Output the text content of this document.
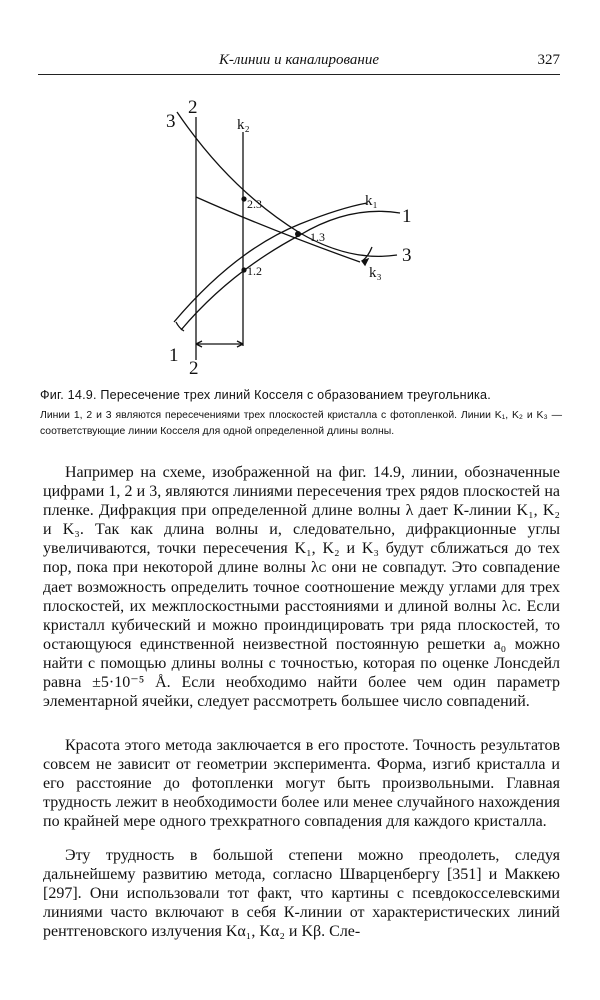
К-линии и каналирование	327
3
2
k₂
k₁
1
3
k₃
1
2
2.3
1.3
1.2
Фиг. 14.9. Пересечение трех линий Косселя с образованием треугольника.
Линии 1, 2 и 3 являются пересечениями трех плоскостей кристалла с фотопленкой. Линии K₁, K₂ и K₃ — соответствующие линии Косселя для одной определенной длины волны.

Например на схеме, изображенной на фиг. 14.9, линии, обозначенные цифрами 1, 2 и 3, являются линиями пересечения трех рядов плоскостей на пленке. Дифракция при определенной длине волны λ дает К-линии K₁, K₂ и K₃. Так как длина волны и, следовательно, дифракционные углы увеличиваются, точки пересечения K₁, K₂ и K₃ будут сближаться до тех пор, пока при некоторой длине волны λᴄ они не совпадут. Это совпадение дает возможность определить точное соотношение между углами для трех плоскостей, их межплоскостными расстояниями и длиной волны λᴄ. Если кристалл кубический и можно проиндицировать три ряда плоскостей, то остающуюся единственной неизвестной постоянную решетки a₀ можно найти с помощью длины волны с точностью, которая по оценке Лонсдейл равна ±5·10⁻⁵ Å. Если необходимо найти более чем один параметр элементарной ячейки, следует рассмотреть большее число совпадений.

Красота этого метода заключается в его простоте. Точность результатов совсем не зависит от геометрии эксперимента. Форма, изгиб кристалла и его расстояние до фотопленки могут быть произвольными. Главная трудность лежит в необходимости более или менее случайного нахождения по крайней мере одного трехкратного совпадения для каждого кристалла.

Эту трудность в большой степени можно преодолеть, следуя дальнейшему развитию метода, согласно Шварценбергу [351] и Маккею [297]. Они использовали тот факт, что картины с псевдокосселевскими линиями часто включают в себя К-линии от характеристических линий рентгеновского излучения Kα₁, Kα₂ и Kβ. Сле-
